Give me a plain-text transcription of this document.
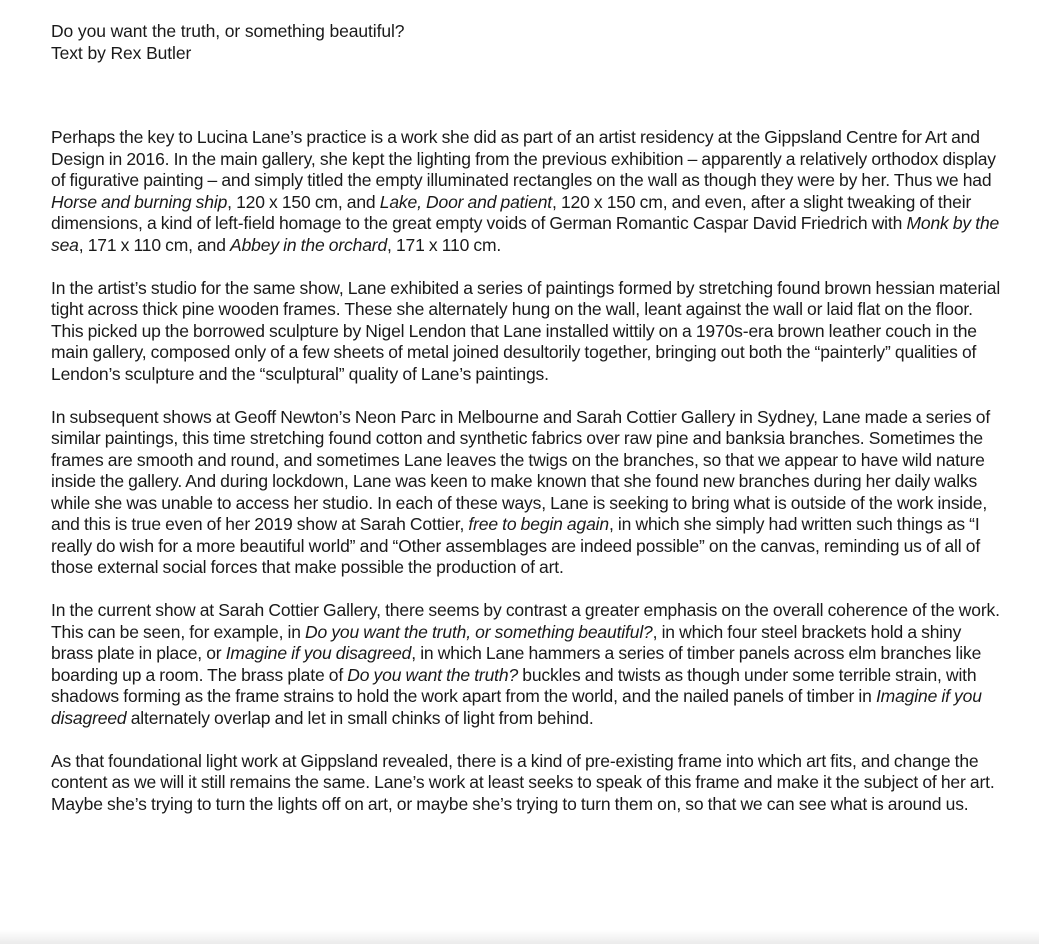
Do you want the truth, or something beautiful?
Text by Rex Butler

Perhaps the key to Lucina Lane’s practice is a work she did as part of an artist residency at the Gippsland Centre for Art and Design in 2016. In the main gallery, she kept the lighting from the previous exhibition – apparently a relatively orthodox display of figurative painting – and simply titled the empty illuminated rectangles on the wall as though they were by her. Thus we had Horse and burning ship, 120 x 150 cm, and Lake, Door and patient, 120 x 150 cm, and even, after a slight tweaking of their dimensions, a kind of left-field homage to the great empty voids of German Romantic Caspar David Friedrich with Monk by the sea, 171 x 110 cm, and Abbey in the orchard, 171 x 110 cm.

In the artist’s studio for the same show, Lane exhibited a series of paintings formed by stretching found brown hessian material tight across thick pine wooden frames. These she alternately hung on the wall, leant against the wall or laid flat on the floor. This picked up the borrowed sculpture by Nigel Lendon that Lane installed wittily on a 1970s-era brown leather couch in the main gallery, composed only of a few sheets of metal joined desultorily together, bringing out both the “painterly” qualities of Lendon’s sculpture and the “sculptural” quality of Lane’s paintings.

In subsequent shows at Geoff Newton’s Neon Parc in Melbourne and Sarah Cottier Gallery in Sydney, Lane made a series of similar paintings, this time stretching found cotton and synthetic fabrics over raw pine and banksia branches. Sometimes the frames are smooth and round, and sometimes Lane leaves the twigs on the branches, so that we appear to have wild nature inside the gallery. And during lockdown, Lane was keen to make known that she found new branches during her daily walks while she was unable to access her studio. In each of these ways, Lane is seeking to bring what is outside of the work inside, and this is true even of her 2019 show at Sarah Cottier, free to begin again, in which she simply had written such things as “I really do wish for a more beautiful world” and “Other assemblages are indeed possible” on the canvas, reminding us of all of those external social forces that make possible the production of art.

In the current show at Sarah Cottier Gallery, there seems by contrast a greater emphasis on the overall coherence of the work. This can be seen, for example, in Do you want the truth, or something beautiful?, in which four steel brackets hold a shiny brass plate in place, or Imagine if you disagreed, in which Lane hammers a series of timber panels across elm branches like boarding up a room. The brass plate of Do you want the truth? buckles and twists as though under some terrible strain, with shadows forming as the frame strains to hold the work apart from the world, and the nailed panels of timber in Imagine if you disagreed alternately overlap and let in small chinks of light from behind.

As that foundational light work at Gippsland revealed, there is a kind of pre-existing frame into which art fits, and change the content as we will it still remains the same. Lane’s work at least seeks to speak of this frame and make it the subject of her art. Maybe she’s trying to turn the lights off on art, or maybe she’s trying to turn them on, so that we can see what is around us.
